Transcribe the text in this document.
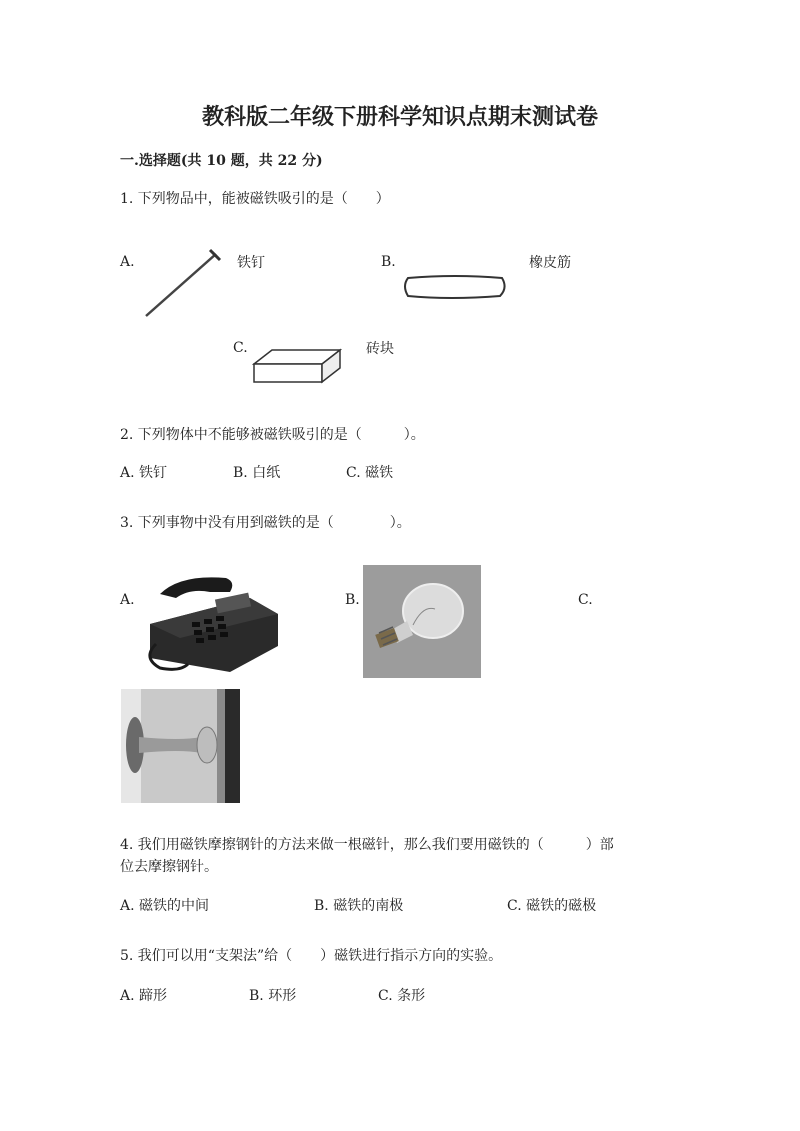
教科版二年级下册科学知识点期末测试卷
一.选择题(共 10 题，共 22 分)
1. 下列物品中，能被磁铁吸引的是（　　）
A.	铁钉	B.	橡皮筋
C.	砖块
2. 下列物体中不能够被磁铁吸引的是（　　　）。
A. 铁钉	B. 白纸	C. 磁铁
3. 下列事物中没有用到磁铁的是（　　　　）。
A.	B.	C.
4. 我们用磁铁摩擦钢针的方法来做一根磁针，那么我们要用磁铁的（　　　）部
位去摩擦钢针。
A. 磁铁的中间	B. 磁铁的南极	C. 磁铁的磁极
5. 我们可以用“支架法”给（　　）磁铁进行指示方向的实验。
A. 蹄形	B. 环形	C. 条形
